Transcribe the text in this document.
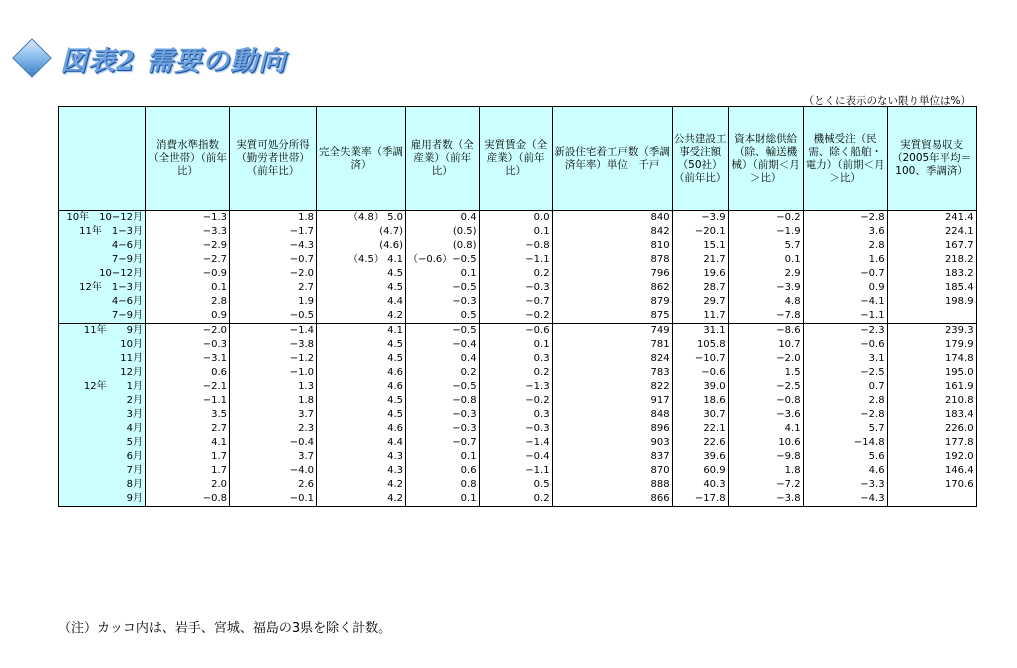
図表2 需要の動向
（とくに表示のない限り単位は%）
	消費水準指数（全世帯）（前年比）	実質可処分所得（勤労者世帯）（前年比）	完全失業率（季調済）	雇用者数（全産業）（前年比）	実質賃金（全産業）（前年比）	新設住宅着工戸数（季調済年率）単位　千戸	公共建設工事受注額（50社）（前年比）	資本財総供給（除、輸送機械）（前期＜月＞比）	機械受注（民需、除く船舶・電力）（前期＜月＞比）	実質貿易収支（2005年平均＝100、季調済）
10年　10−12月	−1.3	1.8	（4.8） 5.0	0.4	0.0	840	−3.9	−0.2	−2.8	241.4
11年　1−3月	−3.3	−1.7	(4.7)	(0.5)	0.1	842	−20.1	−1.9	3.6	224.1
4−6月	−2.9	−4.3	(4.6)	(0.8)	−0.8	810	15.1	5.7	2.8	167.7
7−9月	−2.7	−0.7	（4.5） 4.1	（−0.6）−0.5	−1.1	878	21.7	0.1	1.6	218.2
10−12月	−0.9	−2.0	4.5	0.1	0.2	796	19.6	2.9	−0.7	183.2
12年　1−3月	0.1	2.7	4.5	−0.5	−0.3	862	28.7	−3.9	0.9	185.4
4−6月	2.8	1.9	4.4	−0.3	−0.7	879	29.7	4.8	−4.1	198.9
7−9月	0.9	−0.5	4.2	0.5	−0.2	875	11.7	−7.8	−1.1	
11年　　9月	−2.0	−1.4	4.1	−0.5	−0.6	749	31.1	−8.6	−2.3	239.3
10月	−0.3	−3.8	4.5	−0.4	0.1	781	105.8	10.7	−0.6	179.9
11月	−3.1	−1.2	4.5	0.4	0.3	824	−10.7	−2.0	3.1	174.8
12月	0.6	−1.0	4.6	0.2	0.2	783	−0.6	1.5	−2.5	195.0
12年　　1月	−2.1	1.3	4.6	−0.5	−1.3	822	39.0	−2.5	0.7	161.9
2月	−1.1	1.8	4.5	−0.8	−0.2	917	18.6	−0.8	2.8	210.8
3月	3.5	3.7	4.5	−0.3	0.3	848	30.7	−3.6	−2.8	183.4
4月	2.7	2.3	4.6	−0.3	−0.3	896	22.1	4.1	5.7	226.0
5月	4.1	−0.4	4.4	−0.7	−1.4	903	22.6	10.6	−14.8	177.8
6月	1.7	3.7	4.3	0.1	−0.4	837	39.6	−9.8	5.6	192.0
7月	1.7	−4.0	4.3	0.6	−1.1	870	60.9	1.8	4.6	146.4
8月	2.0	2.6	4.2	0.8	0.5	888	40.3	−7.2	−3.3	170.6
9月	−0.8	−0.1	4.2	0.1	0.2	866	−17.8	−3.8	−4.3	
（注）カッコ内は、岩手、宮城、福島の3県を除く計数。
